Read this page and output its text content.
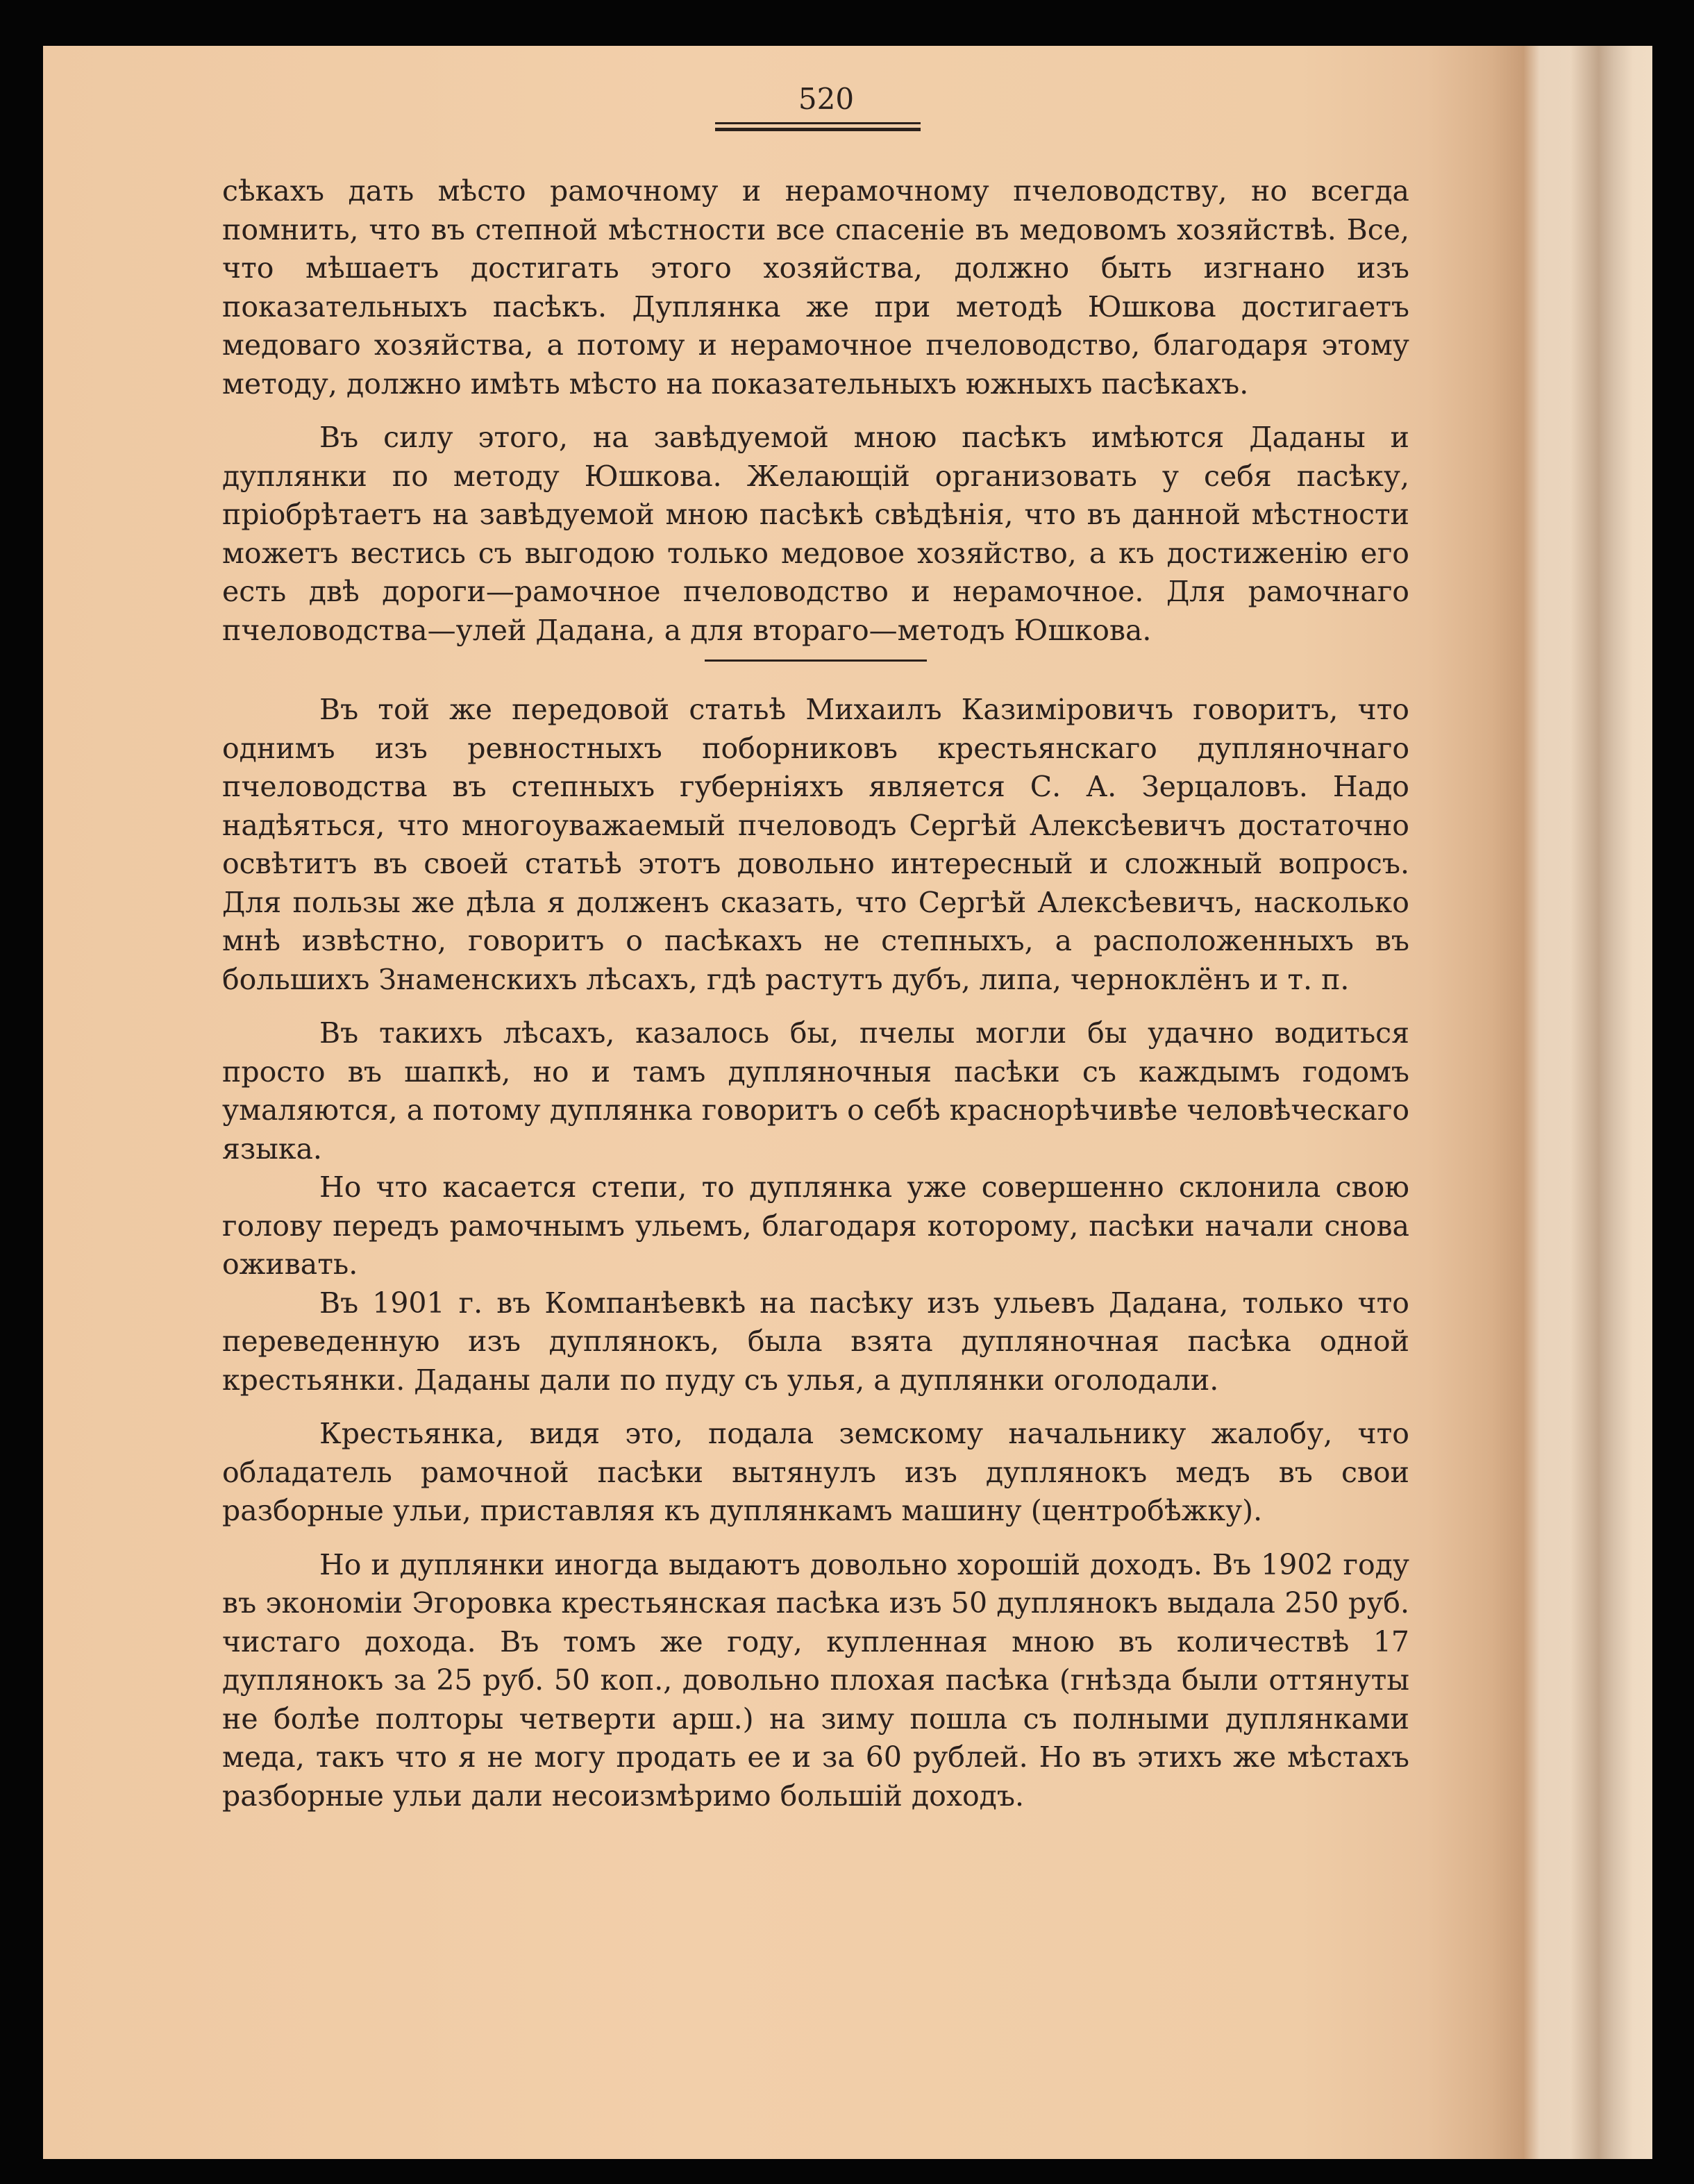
520

сѣкахъ дать мѣсто рамочному и нерамочному пчеловодству, но всегда помнить, что въ степной мѣстности все спасеніе въ медовомъ хозяйствѣ. Все, что мѣшаетъ достигать этого хозяйства, должно быть изгнано изъ показательныхъ пасѣкъ. Дуплянка же при методѣ Юшкова достигаетъ медоваго хозяйства, а потому и нерамочное пчеловодство, благодаря этому методу, должно имѣть мѣсто на показательныхъ южныхъ пасѣкахъ.

Въ силу этого, на завѣдуемой мною пасѣкъ имѣются Даданы и дуплянки по методу Юшкова. Желающій организовать у себя пасѣку, пріобрѣтаетъ на завѣдуемой мною пасѣкѣ свѣдѣнія, что въ данной мѣстности можетъ вестись съ выгодою только медовое хозяйство, а къ достиженію его есть двѣ дороги—рамочное пчеловодство и нерамочное. Для рамочнаго пчеловодства—улей Дадана, а для втораго—методъ Юшкова.

Въ той же передовой статьѣ Михаилъ Казиміровичъ говоритъ, что однимъ изъ ревностныхъ поборниковъ крестьянскаго дупляночнаго пчеловодства въ степныхъ губерніяхъ является С. А. Зерцаловъ. Надо надѣяться, что многоуважаемый пчеловодъ Сергѣй Алексѣевичъ достаточно освѣтитъ въ своей статьѣ этотъ довольно интересный и сложный вопросъ. Для пользы же дѣла я долженъ сказать, что Сергѣй Алексѣевичъ, насколько мнѣ извѣстно, говоритъ о пасѣкахъ не степныхъ, а расположенныхъ въ большихъ Знаменскихъ лѣсахъ, гдѣ растутъ дубъ, липа, черноклёнъ и т. п.

Въ такихъ лѣсахъ, казалось бы, пчелы могли бы удачно водиться просто въ шапкѣ, но и тамъ дупляночныя пасѣки съ каждымъ годомъ умаляются, а потому дуплянка говоритъ о себѣ краснорѣчивѣе человѣческаго языка.

Но что касается степи, то дуплянка уже совершенно склонила свою голову передъ рамочнымъ ульемъ, благодаря которому, пасѣки начали снова оживать.

Въ 1901 г. въ Компанѣевкѣ на пасѣку изъ ульевъ Дадана, только что переведенную изъ дуплянокъ, была взята дупляночная пасѣка одной крестьянки. Даданы дали по пуду съ улья, а дуплянки оголодали.

Крестьянка, видя это, подала земскому начальнику жалобу, что обладатель рамочной пасѣки вытянулъ изъ дуплянокъ медъ въ свои разборные ульи, приставляя къ дуплянкамъ машину (центробѣжку).

Но и дуплянки иногда выдаютъ довольно хорошій доходъ. Въ 1902 году въ экономіи Эгоровка крестьянская пасѣка изъ 50 дуплянокъ выдала 250 руб. чистаго дохода. Въ томъ же году, купленная мною въ количествѣ 17 дуплянокъ за 25 руб. 50 коп., довольно плохая пасѣка (гнѣзда были оттянуты не болѣе полторы четверти арш.) на зиму пошла съ полными дуплянками меда, такъ что я не могу продать ее и за 60 рублей. Но въ этихъ же мѣстахъ разборные ульи дали несоизмѣримо большій доходъ.
